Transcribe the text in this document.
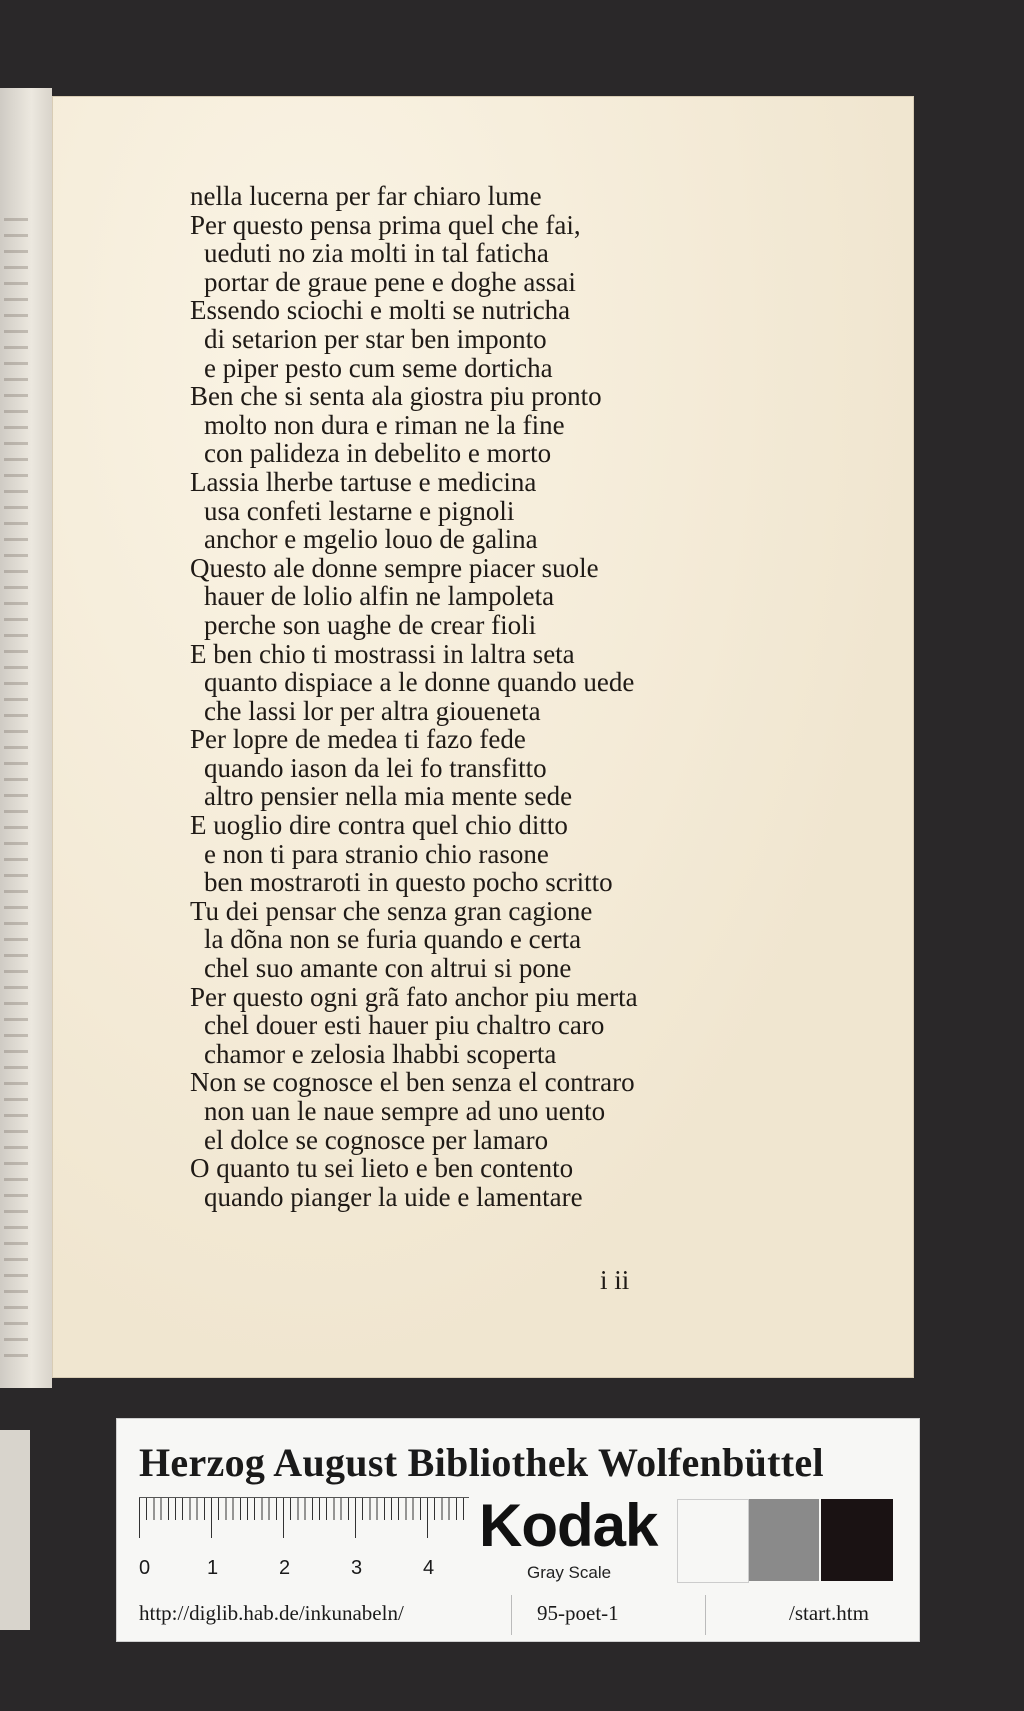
nella lucerna per far chiaro lume
Per questo pensa prima quel che fai,
ueduti no zia molti in tal faticha
portar de graue pene e doghe assai
Essendo sciochi e molti se nutricha
di setarion per star ben imponto
e piper pesto cum seme dorticha
Ben che si senta ala giostra piu pronto
molto non dura e riman ne la fine
con palideza in debelito e morto
Lassia lherbe tartuse e medicina
usa confeti lestarne e pignoli
anchor e mgelio louo de galina
Questo ale donne sempre piacer suole
hauer de lolio alfin ne lampoleta
perche son uaghe de crear fioli
E ben chio ti mostrassi in laltra seta
quanto dispiace a le donne quando uede
che lassi lor per altra gioueneta
Per lopre de medea ti fazo fede
quando iason da lei fo transfitto
altro pensier nella mia mente sede
E uoglio dire contra quel chio ditto
e non ti para stranio chio rasone
ben mostraroti in questo pocho scritto
Tu dei pensar che senza gran cagione
la dõna non se furia quando e certa
chel suo amante con altrui si pone
Per questo ogni grã fato anchor piu merta
chel douer esti hauer piu chaltro caro
chamor e zelosia lhabbi scoperta
Non se cognosce el ben senza el contraro
non uan le naue sempre ad uno uento
el dolce se cognosce per lamaro
O quanto tu sei lieto e ben contento
quando pianger la uide e lamentare
i ii
Herzog August Bibliothek Wolfenbüttel
0	1	2	3	4
Kodak
Gray Scale
http://diglib.hab.de/inkunabeln/	95-poet-1	/start.htm
